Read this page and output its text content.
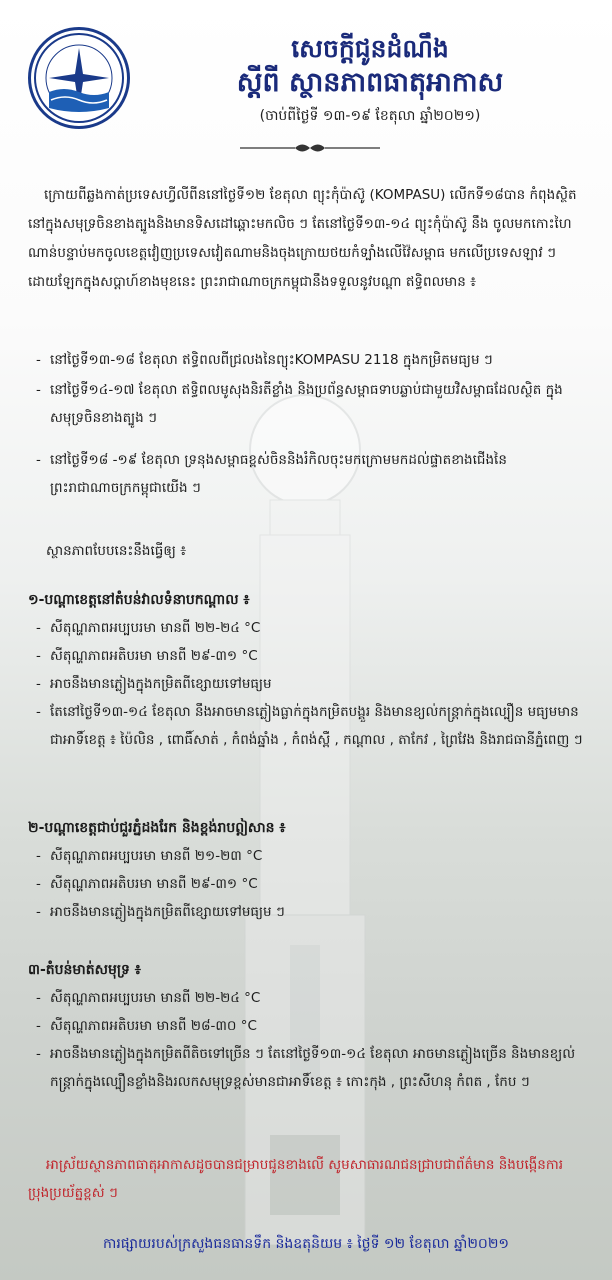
សេចក្តីជូនដំណឹង
ស្តីពី ស្ថានភាពធាតុអាកាស
(ចាប់ពីថ្ងៃទី ១៣-១៩ ខែតុលា ឆ្នាំ២០២១)
ក្រោយពីឆ្លងកាត់ប្រទេសហ្វីលីពីននៅថ្ងៃទី១២ ខែតុលា ព្យុះកុំប៉ាស៊ូ (KOMPASU) លើកទី១៨បាន កំពុងស្ថិតនៅក្នុងសមុទ្រចិនខាងត្បូងនិងមានទិសដៅឆ្ពោះមកលិច ៗ តែនៅថ្ងៃទី១៣-១៤ ព្យុះកុំប៉ាស៊ូ នឹង ចូលមកកោះហៃណាន់បន្ទាប់មកចូលខេត្តវៀញប្រទេសវៀតណាមនិងចុងក្រោយថយកំទ្បាំងលើវ៉ៃសម្ពាធ មកលើប្រទេសឡាវ ៗ ដោយឡែកក្នុងសប្តាហ៍ខាងមុខនេះ ព្រះរាជាណាចក្រកម្ពុជានឹងទទួលនូវបណ្តា ឥទ្ធិពលមាន ៖
- នៅថ្ងៃទី១៣-១៨ ខែតុលា ឥទ្ធិពលពីជ្រលងនៃព្យុះKOMPASU 2118 ក្នុងកម្រិតមធ្យម ៗ
- នៅថ្ងៃទី១៤-១៧ ខែតុលា ឥទ្ធិពលមូសុងនិរតីខ្លាំង និងប្រព័ន្ធសម្ពាធទាបឆ្លាប់ជាមួយវិសម្ពាធដែលស្ថិត ក្នុងសមុទ្រចិនខាងត្បូង ៗ
- នៅថ្ងៃទី១៨ -១៩ ខែតុលា ទ្រនុងសម្ពាធខ្ពស់ចិននិងរំកិលចុះមកក្រោមមកដល់ផ្ទាតខាងជើងនៃ ព្រះរាជាណាចក្រកម្ពុជាយើង ៗ
ស្ថានភាពបែបនេះនឹងធ្វើឲ្យ ៖
១-បណ្តាខេត្តនៅតំបន់វាលទំនាបកណ្តាល ៖
- សីតុណ្ហភាពអប្បបរមា មានពី ២២-២៤ °C
- សីតុណ្ហភាពអតិបរមា មានពី ២៩-៣១ °C
- អាចនឹងមានភ្លៀងក្នុងកម្រិតពីខ្សោយទៅមធ្យម
- តែនៅថ្ងៃទី១៣-១៤ ខែតុលា នឹងអាចមានភ្លៀងធ្លាក់ក្នុងកម្រិតបង្គួរ និងមានខ្យល់កន្ត្រាក់ក្នុងល្បឿន មធ្យមមានជាអាទិ៍ខេត្ត ៖ ប៉ៃលិន , ពោធិ៍សាត់ , កំពង់ឆ្នាំង , កំពង់ស្ពឺ , កណ្តាល , តាកែវ , ព្រៃវែង និងរាជធានីភ្នំពេញ ៗ
២-បណ្តាខេត្តជាប់ជួរភ្នំដងរែក និងខ្ពង់រាបឦសាន ៖
- សីតុណ្ហភាពអប្បបរមា មានពី ២១-២៣ °C
- សីតុណ្ហភាពអតិបរមា មានពី ២៩-៣១ °C
- អាចនឹងមានភ្លៀងក្នុងកម្រិតពីខ្សោយទៅមធ្យម ៗ
៣-តំបន់មាត់សមុទ្រ ៖
- សីតុណ្ហភាពអប្បបរមា មានពី ២២-២៤ °C
- សីតុណ្ហភាពអតិបរមា មានពី ២៨-៣០ °C
- អាចនឹងមានភ្លៀងក្នុងកម្រិតពីតិចទៅច្រើន ៗ តែនៅថ្ងៃទី១៣-១៤ ខែតុលា អាចមានភ្លៀងច្រើន និងមានខ្យល់កន្ត្រាក់ក្នុងល្បឿនខ្លាំងនិងរលកសមុទ្រខ្ពស់មានជាអាទិ៍ខេត្ត ៖ កោះកុង , ព្រះសីហនុ កំពត , កែប ៗ
អាស្រ័យស្ថានភាពធាតុអាកាសដូចបានជម្រាបជូនខាងលើ សូមសាធារណជនជ្រាបជាព័ត៌មាន និងបង្កើនការ ប្រុងប្រយ័ត្នខ្ពស់ ៗ
ការផ្សាយរបស់ក្រសួងធនធានទឹក និងឧតុនិយម ៖ ថ្ងៃទី ១២ ខែតុលា ឆ្នាំ២០២១
